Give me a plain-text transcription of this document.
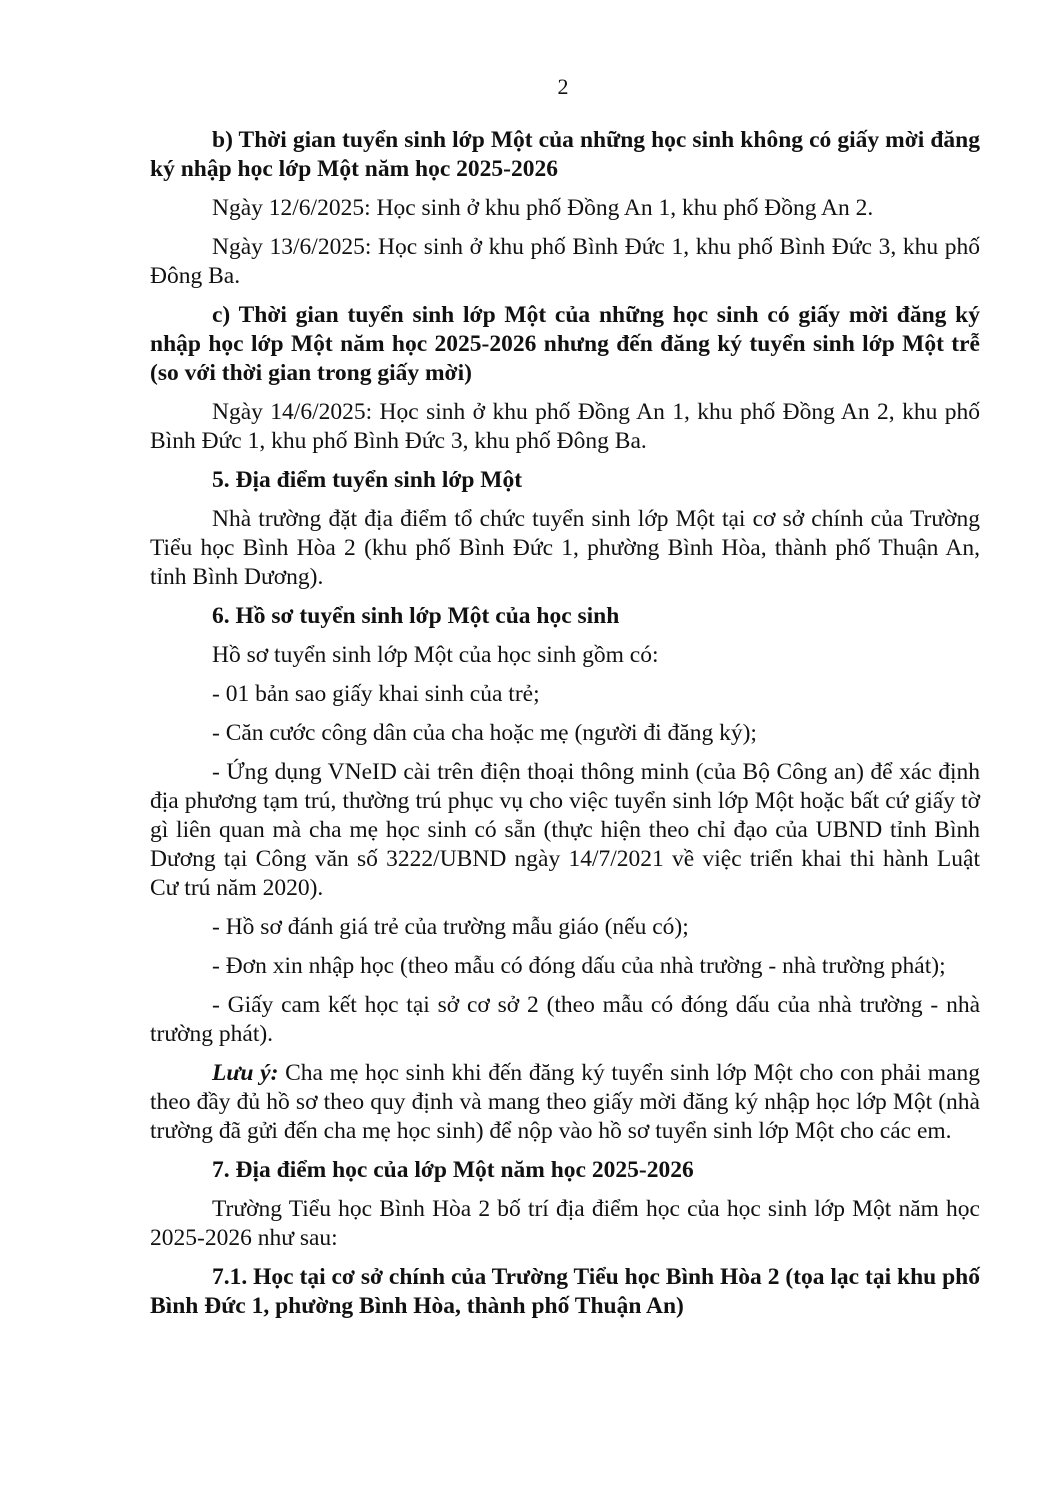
2

b) Thời gian tuyển sinh lớp Một của những học sinh không có giấy mời đăng ký nhập học lớp Một năm học 2025-2026

Ngày 12/6/2025: Học sinh ở khu phố Đồng An 1, khu phố Đồng An 2.

Ngày 13/6/2025: Học sinh ở khu phố Bình Đức 1, khu phố Bình Đức 3, khu phố Đông Ba.

c) Thời gian tuyển sinh lớp Một của những học sinh có giấy mời đăng ký nhập học lớp Một năm học 2025-2026 nhưng đến đăng ký tuyển sinh lớp Một trễ (so với thời gian trong giấy mời)

Ngày 14/6/2025: Học sinh ở khu phố Đồng An 1, khu phố Đồng An 2, khu phố Bình Đức 1, khu phố Bình Đức 3, khu phố Đông Ba.

5. Địa điểm tuyển sinh lớp Một

Nhà trường đặt địa điểm tổ chức tuyển sinh lớp Một tại cơ sở chính của Trường Tiểu học Bình Hòa 2 (khu phố Bình Đức 1, phường Bình Hòa, thành phố Thuận An, tỉnh Bình Dương).

6. Hồ sơ tuyển sinh lớp Một của học sinh

Hồ sơ tuyển sinh lớp Một của học sinh gồm có:

- 01 bản sao giấy khai sinh của trẻ;

- Căn cước công dân của cha hoặc mẹ (người đi đăng ký);

- Ứng dụng VNeID cài trên điện thoại thông minh (của Bộ Công an) để xác định địa phương tạm trú, thường trú phục vụ cho việc tuyển sinh lớp Một hoặc bất cứ giấy tờ gì liên quan mà cha mẹ học sinh có sẵn (thực hiện theo chỉ đạo của UBND tỉnh Bình Dương tại Công văn số 3222/UBND ngày 14/7/2021 về việc triển khai thi hành Luật Cư trú năm 2020).

- Hồ sơ đánh giá trẻ của trường mẫu giáo (nếu có);

- Đơn xin nhập học (theo mẫu có đóng dấu của nhà trường - nhà trường phát);

- Giấy cam kết học tại sở cơ sở 2 (theo mẫu có đóng dấu của nhà trường - nhà trường phát).

Lưu ý: Cha mẹ học sinh khi đến đăng ký tuyển sinh lớp Một cho con phải mang theo đầy đủ hồ sơ theo quy định và mang theo giấy mời đăng ký nhập học lớp Một (nhà trường đã gửi đến cha mẹ học sinh) để nộp vào hồ sơ tuyển sinh lớp Một cho các em.

7. Địa điểm học của lớp Một năm học 2025-2026

Trường Tiểu học Bình Hòa 2 bố trí địa điểm học của học sinh lớp Một năm học 2025-2026 như sau:

7.1. Học tại cơ sở chính của Trường Tiểu học Bình Hòa 2 (tọa lạc tại khu phố Bình Đức 1, phường Bình Hòa, thành phố Thuận An)
